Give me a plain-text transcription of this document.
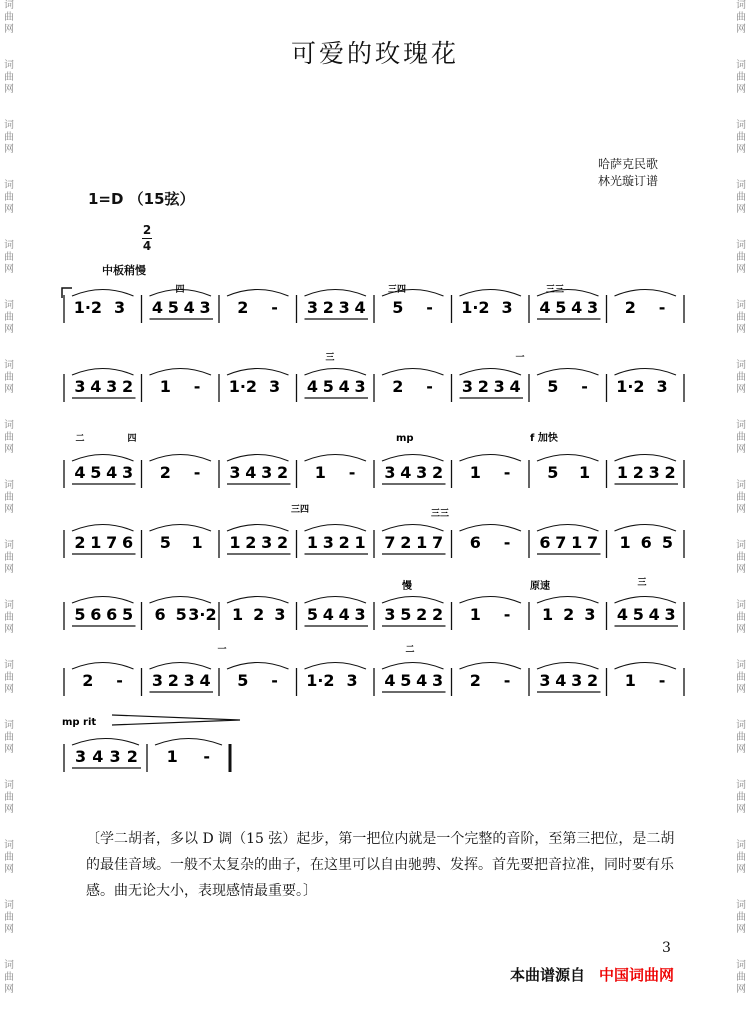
词
曲
网
词
曲
网
词
曲
网
词
曲
网
词
曲
网
词
曲
网
词
曲
网
词
曲
网
词
曲
网
词
曲
网
词
曲
网
词
曲
网
词
曲
网
词
曲
网
词
曲
网
词
曲
网
词
曲
网
词
曲
网
词
曲
网
词
曲
网
词
曲
网
词
曲
网
词
曲
网
词
曲
网
词
曲
网
词
曲
网
词
曲
网
词
曲
网
词
曲
网
词
曲
网
词
曲
网
词
曲
网
词
曲
网
词
曲
网
可爱的玫瑰花
哈萨克民歌
林光璇订谱
1=D （15弦）
2
4
中板稍慢
1·2 3 4 5 4 3 2 - 3 2 3 4 5 - 1·2 3 4 5 4 3 2 -
3 4 3 2 1 - 1·2 3 4 5 4 3 2 - 3 2 3 4 5 - 1·2 3
4 5 4 3 2 - 3 4 3 2 1 - 3 4 3 2 1 - 5 1 1 2 3 2
2 1 7 6 5 1 1 2 3 2 1 3 2 1 7 2 1 7 6 - 6 7 1 7 1 6 5
5 6 6 5 6 5 3·2 1 2 3 5 4 4 3 3 5 2 2 1 - 1 2 3 4 5 4 3
2 - 3 2 3 4 5 - 1·2 3 4 5 4 3 2 - 3 4 3 2 1 -
3 4 3 2 1 -
四	三四	三三
三	一
二	四
三四	三三
三
一	二
mp	f 加快
慢	原速
mp rit
〔学二胡者，多以 D 调（15 弦）起步，第一把位内就是一个完整的音阶，至第三把位，是二胡的最佳音域。一般不太复杂的曲子，在这里可以自由驰骋、发挥。首先要把音拉准，同时要有乐感。曲无论大小，表现感情最重要。〕
3
本曲谱源自 中国词曲网
